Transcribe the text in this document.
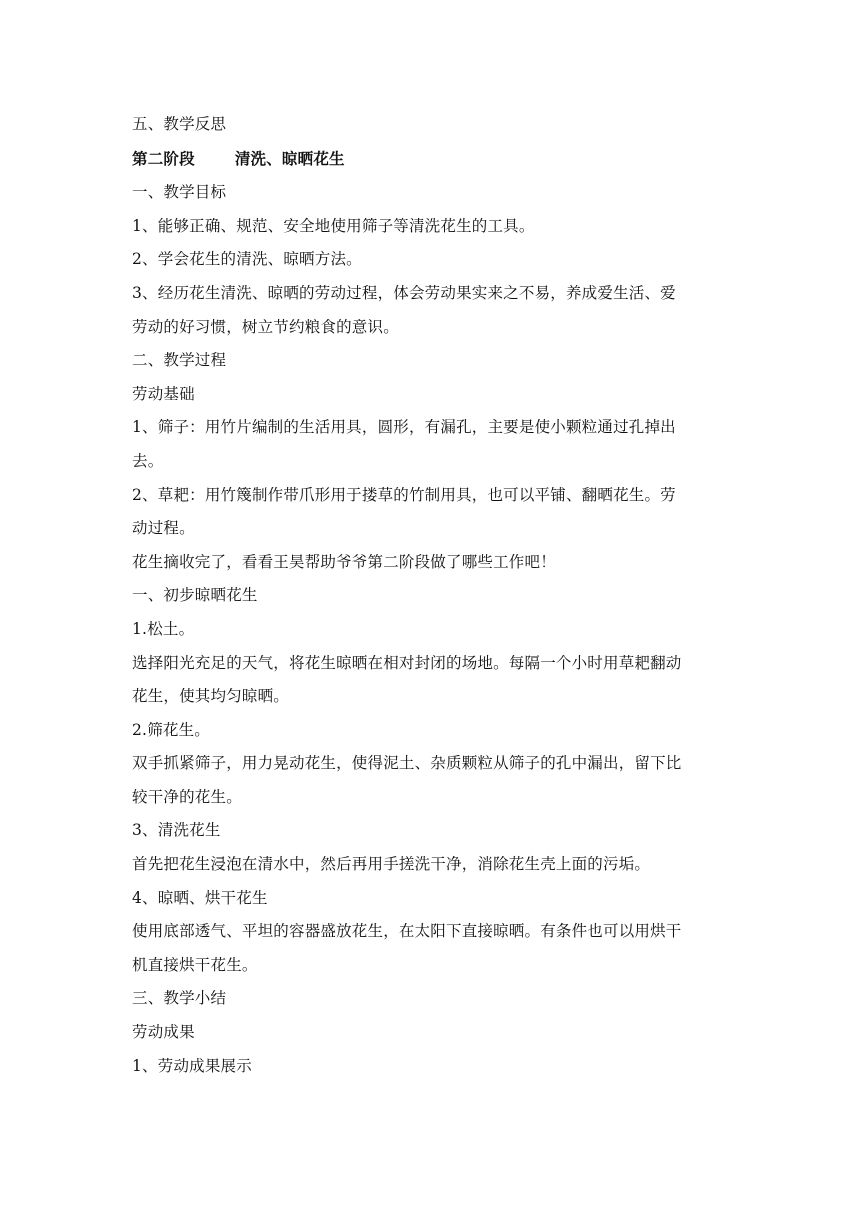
五、教学反思

第二阶段	清洗、晾晒花生

一、教学目标

1、能够正确、规范、安全地使用筛子等清洗花生的工具。

2、学会花生的清洗、晾晒方法。

3、经历花生清洗、晾晒的劳动过程，体会劳动果实来之不易，养成爱生活、爱

劳动的好习惯，树立节约粮食的意识。

二、教学过程

劳动基础

1、筛子：用竹片编制的生活用具，圆形，有漏孔，主要是使小颗粒通过孔掉出

去。

2、草耙：用竹篾制作带爪形用于搂草的竹制用具，也可以平铺、翻晒花生。劳

动过程。

花生摘收完了，看看王昊帮助爷爷第二阶段做了哪些工作吧！

一、初步晾晒花生

1.松土。

选择阳光充足的天气，将花生晾晒在相对封闭的场地。每隔一个小时用草耙翻动

花生，使其均匀晾晒。

2.筛花生。

双手抓紧筛子，用力晃动花生，使得泥土、杂质颗粒从筛子的孔中漏出，留下比

较干净的花生。

3、清洗花生

首先把花生浸泡在清水中，然后再用手搓洗干净，消除花生壳上面的污垢。

4、晾晒、烘干花生

使用底部透气、平坦的容器盛放花生，在太阳下直接晾晒。有条件也可以用烘干

机直接烘干花生。

三、教学小结

劳动成果

1、劳动成果展示
